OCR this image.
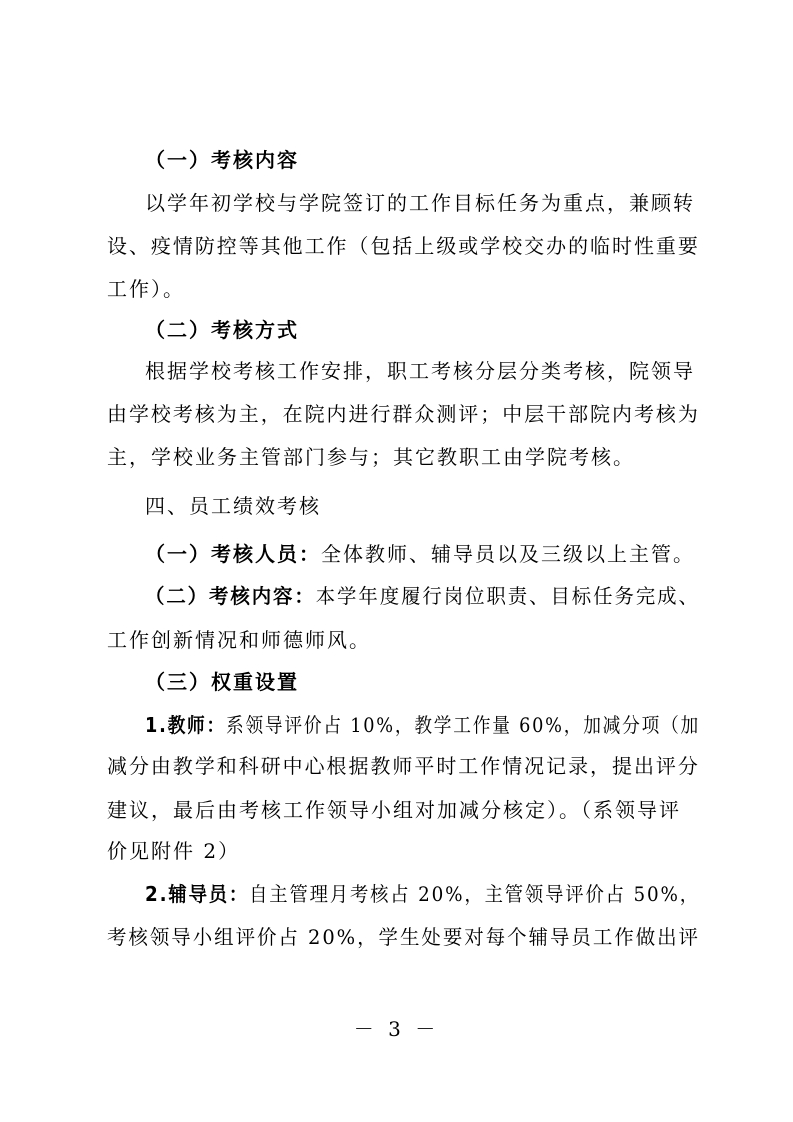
（一）考核内容
以学年初学校与学院签订的工作目标任务为重点，兼顾转
设、疫情防控等其他工作（包括上级或学校交办的临时性重要
工作）。
（二）考核方式
根据学校考核工作安排，职工考核分层分类考核，院领导
由学校考核为主，在院内进行群众测评；中层干部院内考核为
主，学校业务主管部门参与；其它教职工由学院考核。
四、员工绩效考核
（一）考核人员：全体教师、辅导员以及三级以上主管。
（二）考核内容：本学年度履行岗位职责、目标任务完成、
工作创新情况和师德师风。
（三）权重设置
1.教师：系领导评价占 10%，教学工作量 60%，加减分项（加
减分由教学和科研中心根据教师平时工作情况记录，提出评分
建议，最后由考核工作领导小组对加减分核定）。（系领导评
价见附件 2）
2.辅导员：自主管理月考核占 20%，主管领导评价占 50%，
考核领导小组评价占 20%，学生处要对每个辅导员工作做出评
－ 3 －
